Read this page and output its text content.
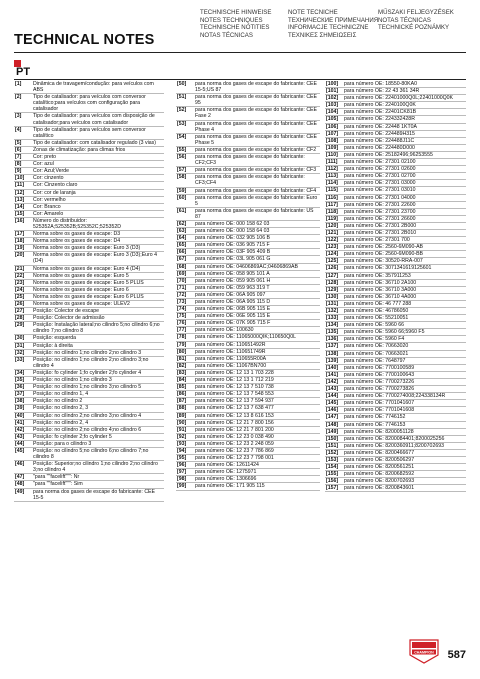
TECHNISCHE HINWEISE
NOTES TECHNIQUES
TECHNISCHE NOTITIES
NOTAS TÉCNICAS
NOTE TECNICHE
ТЕХНИЧЕСКИЕ ПРИМЕЧАНИЯ
INFORMACJE TECHNICZNE
ΤΕΧΝΙΚΕΣ ΣΗΜΕΙΩΣΕΙΣ
MŰSZAKI FELJEGYZÉSEK
NOTAS TÉCNICAS
TECHNICKÉ POZNÁMKY
TECHNICAL NOTES
PT
[1]	Dinâmica de travagem/condução: para veículos com ABS
[2]	Tipo de catalisador: para veículos com conversor catalítico;para veículos com configuração para catalisador
[3]	Tipo de catalisador: para veículos com disposição de catalisador;para veículos com catalisador
[4]	Tipo de catalisador: para veículos sem conversor catalítico
[5]	Tipo de catalisador: com catalisador regulado (3 vias)
[6]	Zonas de climatização: para climas frios
[7]	Cor: preto
[8]	Cor: azul
[9]	Cor: Azul;Verde
[10]	Cor: cinzento
[11]	Cor: Cinzento claro
[12]	Cor: cor de laranja
[13]	Cor: vermelho
[14]	Cor: Branco
[15]	Cor: Amarelo
[16]	Número do distribuidor: 525352A;525352B;525352C;525352D
[17]	Norma sobre os gases de escape: D3
[18]	Norma sobre os gases de escape: D4
[19]	Norma sobre os gases de escape: Euro 3 (D3)
[20]	Norma sobre os gases de escape: Euro 3 (D3);Euro 4 (D4)
[21]	Norma sobre os gases de escape: Euro 4 (D4)
[22]	Norma sobre os gases de escape: Euro 5
[23]	Norma sobre os gases de escape: Euro 5 PLUS
[24]	Norma sobre os gases de escape: Euro 6
[25]	Norma sobre os gases de escape: Euro 6 PLUS
[26]	Norma sobre os gases de escape: ULEV2
[27]	Posição: Colector de escape
[28]	Posição: Colector de admissão
[29]	Posição: Instalação lateral;no cilindro 5;no cilindro 6;no cilindro 7;no cilindro 8
[30]	Posição: esquerda
[31]	Posição: à direita
[32]	Posição: no cilindro 1;no cilindro 2;no cilindro 3
[33]	Posição: no cilindro 1;no cilindro 2;no cilindro 3;no cilindro 4
[34]	Posição: fo cylinder 1;fo cylinder 2;fo cylinder 4
[35]	Posição: no cilindro 1;no cilindro 3
[36]	Posição: no cilindro 1;no cilindro 3;no cilindro 5
[37]	Posição: no cilindro 1, 4
[38]	Posição: no cilindro 2
[39]	Posição: no cilindro 2, 3
[40]	Posição: no cilindro 2;no cilindro 3;no cilindro 4
[41]	Posição: no cilindro 2, 4
[42]	Posição: no cilindro 2;no cilindro 4;no cilindro 6
[43]	Posição: fo cylinder 2;fo cylinder 5
[44]	Posição: para o cilindro 3
[45]	Posição: no cilindro 5;no cilindro 6;no cilindro 7;no cilindro 8
[46]	Posição: Superior;no cilindro 1;no cilindro 2;no cilindro 3;no cilindro 4
[47]	"para ""facelift""": Nr
[48]	"para ""facelift""": Sim
[49]	para norma dos gases de escape do fabricante: CEE 15-5
[50]	para norma dos gases de escape do fabricante: CEE 15-5;US 87
[51]	para norma dos gases de escape do fabricante: CEE 95
[52]	para norma dos gases de escape do fabricante: CEE Fase 2
[53]	para norma dos gases de escape do fabricante: CEE Phase 4
[54]	para norma dos gases de escape do fabricante: CEE Phase 5
[55]	para norma dos gases de escape do fabricante: CF2
[56]	para norma dos gases de escape do fabricante: CF2;CF3
[57]	para norma dos gases de escape do fabricante: CF3
[58]	para norma dos gases de escape do fabricante: CF3;CF4
[59]	para norma dos gases de escape do fabricante: CF4
[60]	para norma dos gases de escape do fabricante: Euro 5
[61]	para norma dos gases de escape do fabricante: US 87
[62]	para número OE: 000 158 62 03
[63]	para número OE: 000 158 64 03
[64]	para número OE: 032 905 106 B
[65]	para número OE: 036 905 715 F
[66]	para número OE: 03F 905 409 B
[67]	para número OE: 03L 905 061 G
[68]	para número OE: 04606869AC;04606869AB
[69]	para número OE: 058 905 101 A
[70]	para número OE: 059 905 061 H
[71]	para número OE: 059 963 319 T
[72]	para número OE: 06A 905 097
[73]	para número OE: 06A 905 115 D
[74]	para número OE: 06B 905 115 E
[75]	para número OE: 06E 905 115 E
[76]	para número OE: 07K 905 715 F
[77]	para número OE: 100630
[78]	para número OE: 11065000QIK;110650Q0L
[79]	para número OE: 110651492R
[80]	para número OE: 110651749R
[81]	para número OE: 110655R00A
[82]	para número OE: 11067BN700
[83]	para número OE: 12 13 1 703 228
[84]	para número OE: 12 13 1 712 219
[85]	para número OE: 12 13 7 510 738
[86]	para número OE: 12 13 7 548 553
[87]	para número OE: 12 13 7 594 937
[88]	para número OE: 12 13 7 638 477
[89]	para número OE: 12 13 8 616 153
[90]	para número OE: 12 21 7 800 156
[91]	para número OE: 12 21 7 801 200
[92]	para número OE: 12 23 0 038 490
[93]	para número OE: 12 23 2 248 059
[94]	para número OE: 12 23 7 786 869
[95]	para número OE: 12 23 7 798 001
[96]	para número OE: 12611424
[97]	para número OE: 1275971
[98]	para número OE: 1306696
[99]	para número OE: 171 905 115
[100]	para número OE: 18550-80KA0
[101]	para número OE: 22 43 361 34R
[102]	para número OE: 22401000Q0L;22401000Q0K
[103]	para número OE: 2240100Q0K
[104]	para número OE: 22401CK81B
[105]	para número OE: 224332428R
[106]	para número OE: 22448 1KT0A
[107]	para número OE: 224489H315
[108]	para número OE: 224488J11C
[109]	para número OE: 224480D000
[110]	para número OE: 25182496;96253555
[111]	para número OE: 27301 02100
[112]	para número OE: 27301 02600
[113]	para número OE: 27301 02700
[114]	para número OE: 27301 03000
[115]	para número OE: 27301 03010
[116]	para número OE: 27301 04000
[117]	para número OE: 27301 22600
[118]	para número OE: 27301 23700
[119]	para número OE: 27301 26600
[120]	para número OE: 27301 2B000
[121]	para número OE: 27301 2B010
[122]	para número OE: 27301 700
[123]	para número OE: 2560-6M090-AB
[124]	para número OE: 2560-6M090-BB
[125]	para número OE: 30520-RRA-007
[126]	para número OE: 3071341619125601
[127]	para número OE: 357911253
[128]	para número OE: 36710 2A100
[129]	para número OE: 36710 3A000
[130]	para número OE: 36710 4A000
[131]	para número OE: 46 777 288
[132]	para número OE: 46786050
[133]	para número OE: 55210051
[134]	para número OE: 5960 66
[135]	para número OE: 5960 66;5960 F5
[136]	para número OE: 5960 F4
[137]	para número OE: 70663020
[138]	para número OE: 70663021
[139]	para número OE: 7648797
[140]	para número OE: 7700100589
[141]	para número OE: 7700100643
[142]	para número OE: 7700273226
[143]	para número OE: 7700273826
[144]	para número OE: 7700274008;224338134R
[145]	para número OE: 7701041607
[146]	para número OE: 7701041608
[147]	para número OE: 7746152
[148]	para número OE: 7746153
[149]	para número OE: 8200051128
[150]	para número OE: 8200084401;8200025256
[151]	para número OE: 8200360911;8200702693
[152]	para número OE: 8200466677
[153]	para número OE: 8200506297
[154]	para número OE: 8200561251
[155]	para número OE: 8200682592
[156]	para número OE: 8200702693
[157]	para número OE: 8200843601
CHAMPION 587
